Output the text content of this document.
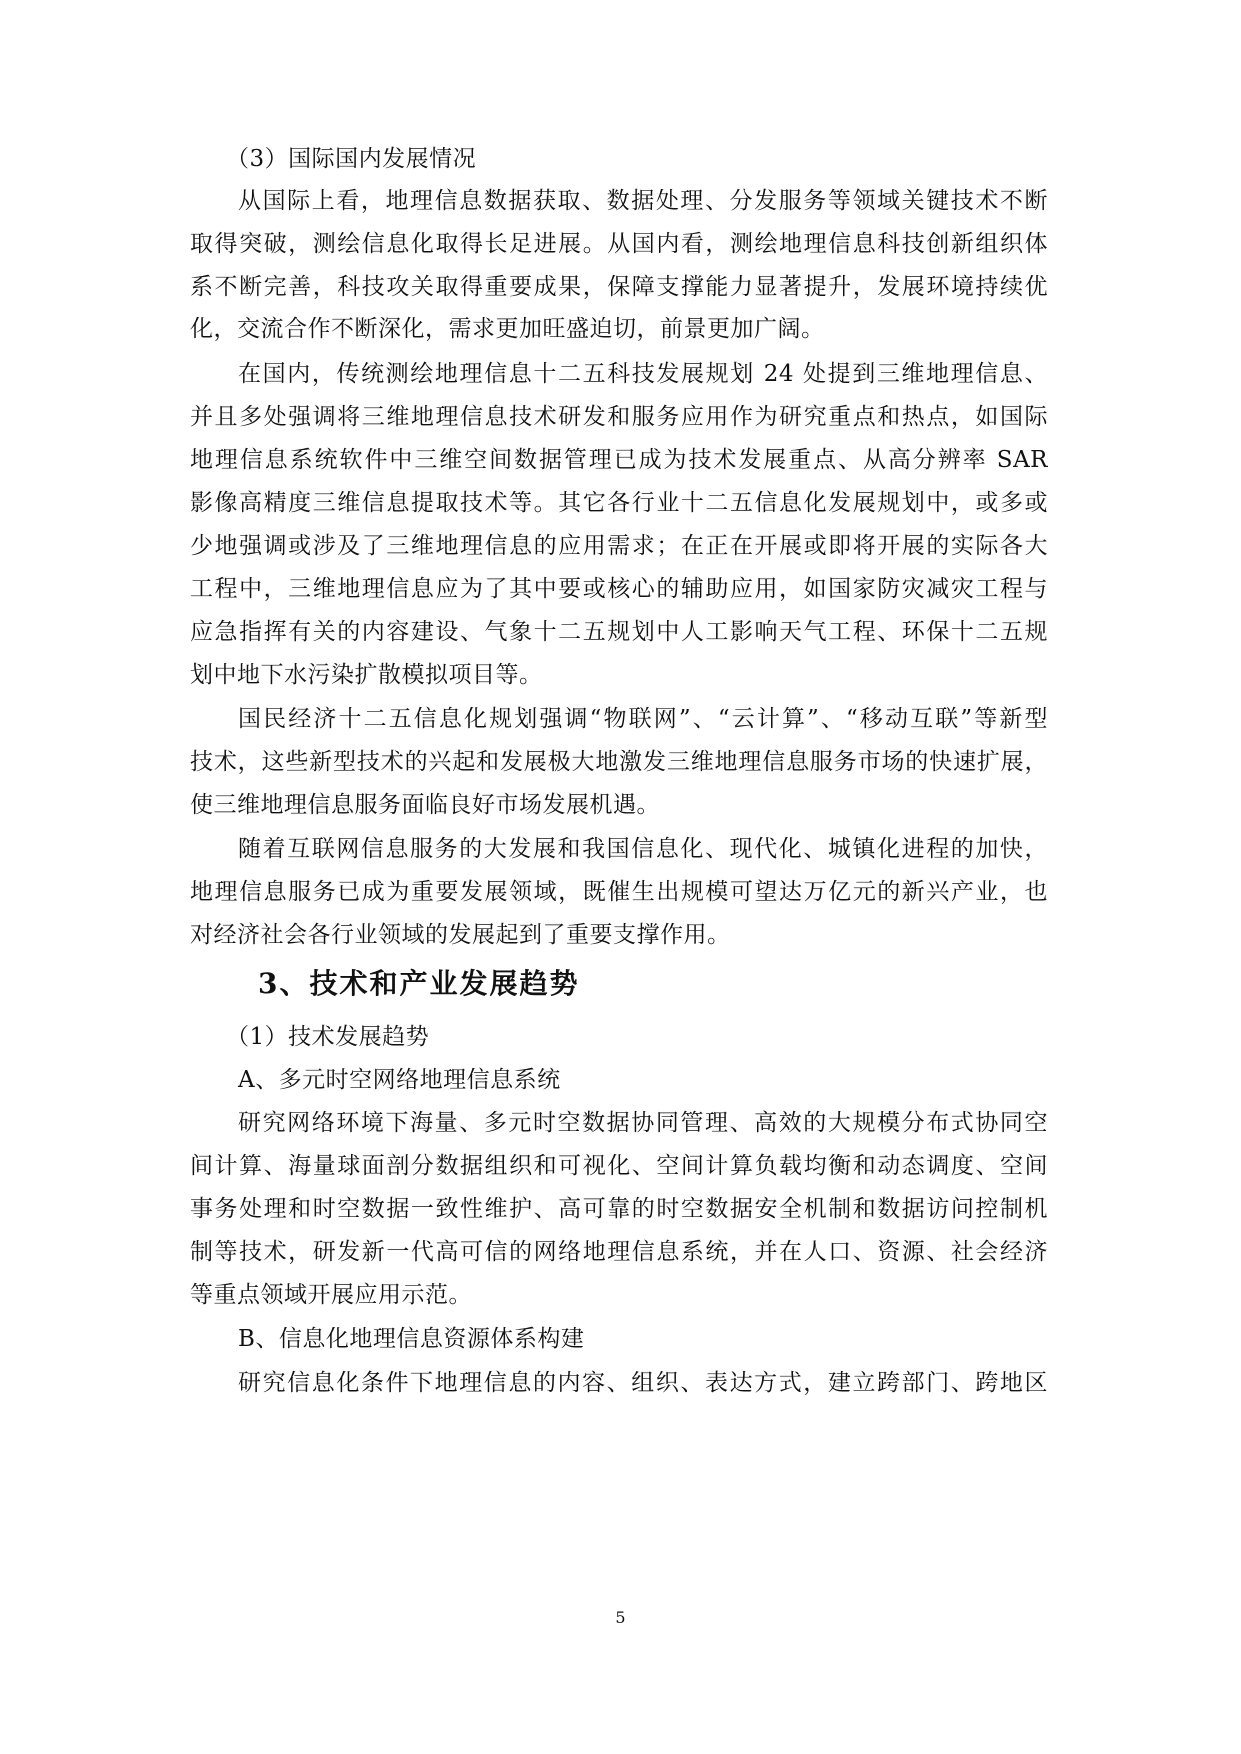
（3）国际国内发展情况
从国际上看，地理信息数据获取、数据处理、分发服务等领域关键技术不断
取得突破，测绘信息化取得长足进展。从国内看，测绘地理信息科技创新组织体
系不断完善，科技攻关取得重要成果，保障支撑能力显著提升，发展环境持续优
化，交流合作不断深化，需求更加旺盛迫切，前景更加广阔。
在国内，传统测绘地理信息十二五科技发展规划 24 处提到三维地理信息、
并且多处强调将三维地理信息技术研发和服务应用作为研究重点和热点，如国际
地理信息系统软件中三维空间数据管理已成为技术发展重点、从高分辨率 SAR
影像高精度三维信息提取技术等。其它各行业十二五信息化发展规划中，或多或
少地强调或涉及了三维地理信息的应用需求；在正在开展或即将开展的实际各大
工程中，三维地理信息应为了其中要或核心的辅助应用，如国家防灾减灾工程与
应急指挥有关的内容建设、气象十二五规划中人工影响天气工程、环保十二五规
划中地下水污染扩散模拟项目等。
国民经济十二五信息化规划强调“物联网”、“云计算”、“移动互联”等新型
技术，这些新型技术的兴起和发展极大地激发三维地理信息服务市场的快速扩展，
使三维地理信息服务面临良好市场发展机遇。
随着互联网信息服务的大发展和我国信息化、现代化、城镇化进程的加快，
地理信息服务已成为重要发展领域，既催生出规模可望达万亿元的新兴产业，也
对经济社会各行业领域的发展起到了重要支撑作用。
3、技术和产业发展趋势
（1）技术发展趋势
A、多元时空网络地理信息系统
研究网络环境下海量、多元时空数据协同管理、高效的大规模分布式协同空
间计算、海量球面剖分数据组织和可视化、空间计算负载均衡和动态调度、空间
事务处理和时空数据一致性维护、高可靠的时空数据安全机制和数据访问控制机
制等技术，研发新一代高可信的网络地理信息系统，并在人口、资源、社会经济
等重点领域开展应用示范。
B、信息化地理信息资源体系构建
研究信息化条件下地理信息的内容、组织、表达方式，建立跨部门、跨地区
5
